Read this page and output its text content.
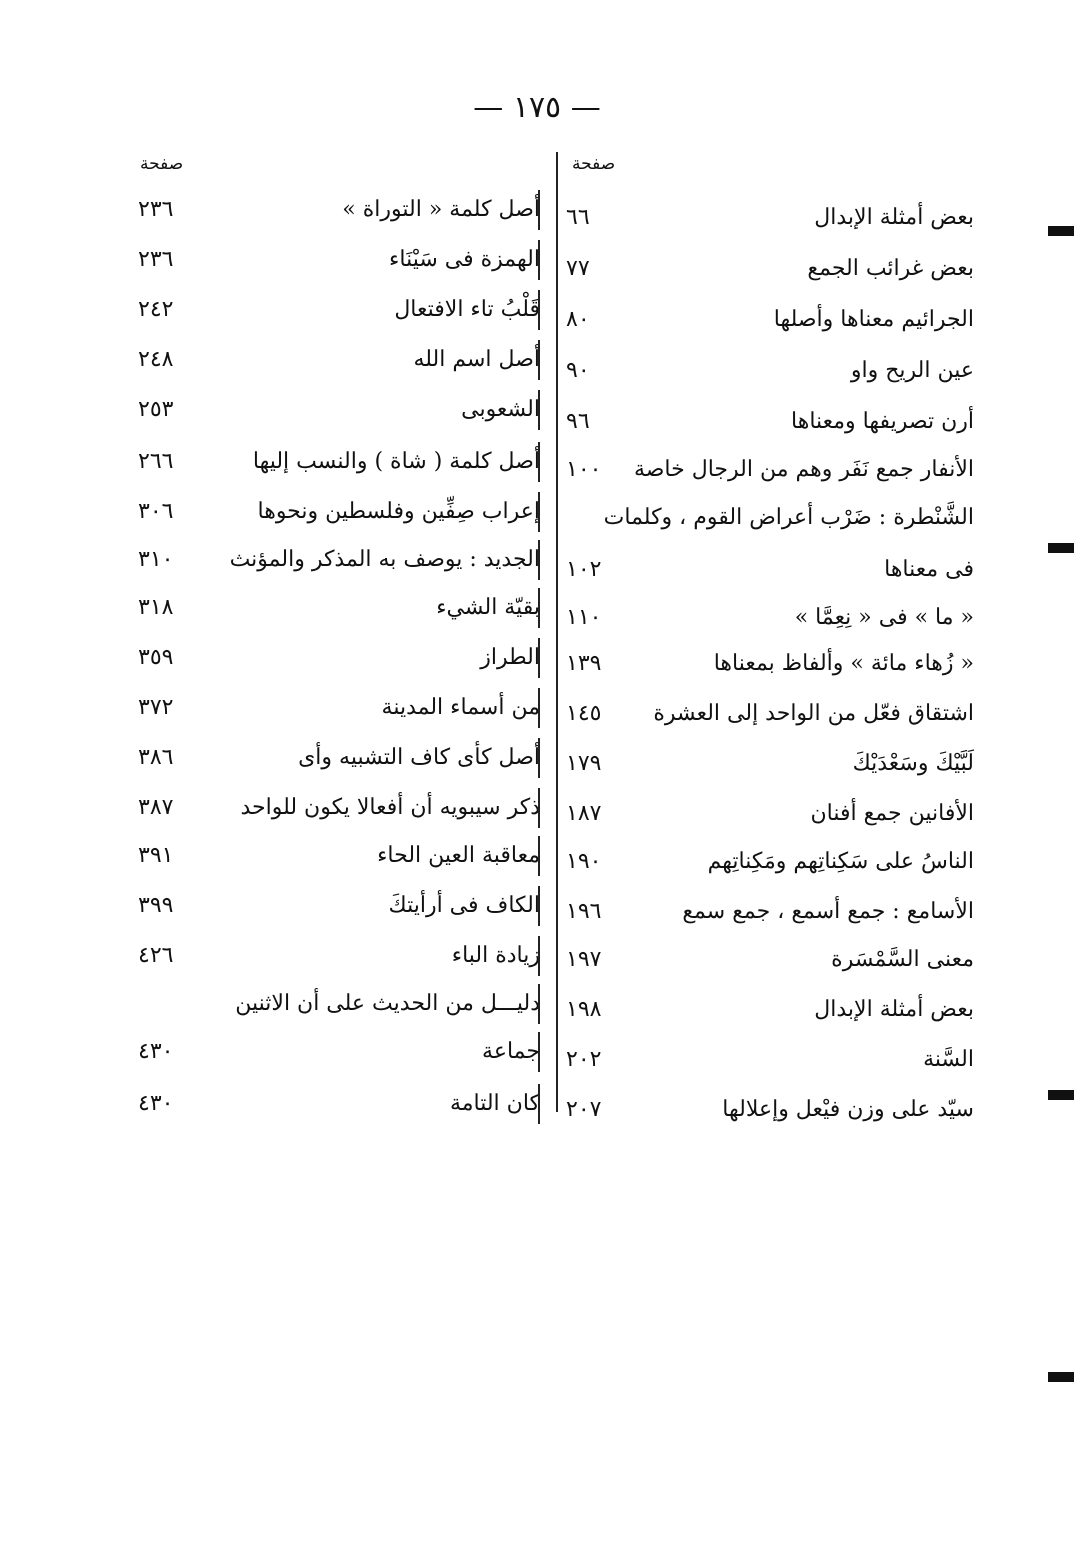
— ١٧٥ —
صفحة
صفحة
بعض أمثلة الإبدال
٦٦
بعض غرائب الجمع
٧٧
الجرائيم معناها وأصلها
٨٠
عين الريح واو
٩٠
أرن تصريفها ومعناها
٩٦
الأنفار جمع نَفَر وهم من الرجال خاصة
١٠٠
الشَّنْطرة : ضَرْب أعراض القوم ، وكلمات
فى معناها
١٠٢
« ما » فى « نِعِمَّا »
١١٠
« زُهاء مائة » وألفاظ بمعناها
١٣٩
اشتقاق فعّل من الواحد إلى العشرة
١٤٥
لَبَّيْكَ وسَعْدَيْكَ
١٧٩
الأفانين جمع أفنان
١٨٧
الناسُ على سَكِناتِهم ومَكِناتِهم
١٩٠
الأسامع : جمع أسمع ، جمع سمع
١٩٦
معنى السَّمْسَرة
١٩٧
بعض أمثلة الإبدال
١٩٨
السَّنة
٢٠٢
سيّد على وزن فيْعل وإعلالها
٢٠٧
أصل كلمة « التوراة »
٢٣٦
الهمزة فى سَيْنَاء
٢٣٦
قَلْبُ تاء الافتعال
٢٤٢
أصل اسم الله
٢٤٨
الشعوبى
٢٥٣
أصل كلمة ( شاة ) والنسب إليها
٢٦٦
إعراب صِفِّين وفلسطين ونحوها
٣٠٦
الجديد : يوصف به المذكر والمؤنث
٣١٠
بقيّة الشيء
٣١٨
الطراز
٣٥٩
من أسماء المدينة
٣٧٢
أصل كأى كاف التشبيه وأى
٣٨٦
ذكر سيبويه أن أفعالا يكون للواحد
٣٨٧
معاقبة العين الحاء
٣٩١
الكاف فى أرأيتكَ
٣٩٩
زيادة الباء
٤٢٦
دليـــل من الحديث على أن الاثنين
جماعة
٤٣٠
كان التامة
٤٣٠
